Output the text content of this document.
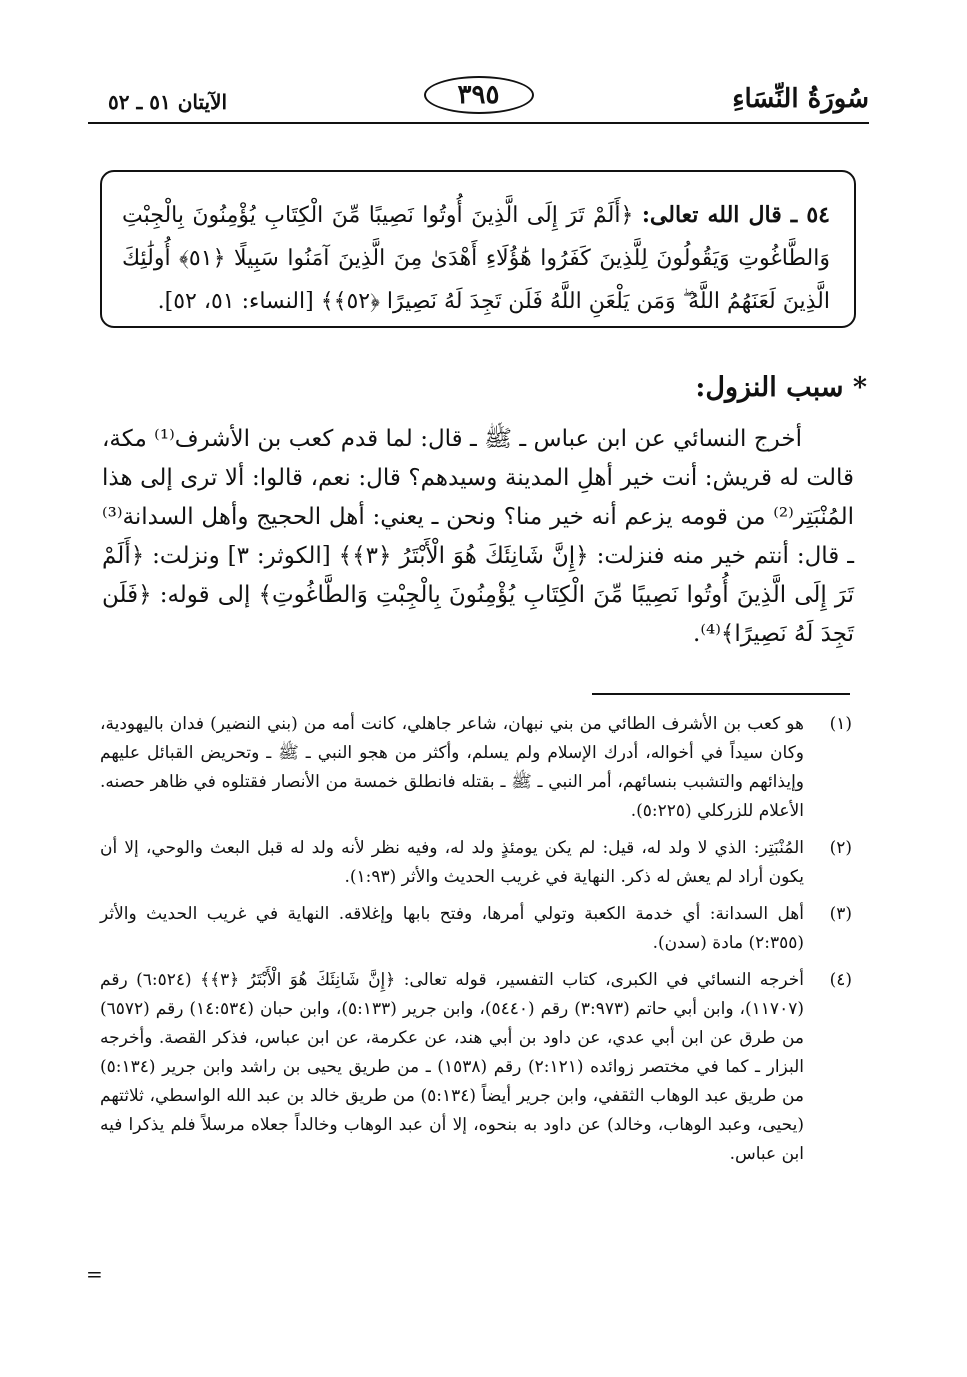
سُورَةُ النِّسَاءِ
٣٩٥
الآيتان ٥١ ـ ٥٢
٥٤ ـ قال الله تعالى: ﴿أَلَمْ تَرَ إِلَى الَّذِينَ أُوتُوا نَصِيبًا مِّنَ الْكِتَابِ يُؤْمِنُونَ بِالْجِبْتِ وَالطَّاغُوتِ وَيَقُولُونَ لِلَّذِينَ كَفَرُوا هَٰؤُلَاءِ أَهْدَىٰ مِنَ الَّذِينَ آمَنُوا سَبِيلًا ﴿٥١﴾ أُولَٰئِكَ الَّذِينَ لَعَنَهُمُ اللَّهُ ۖ وَمَن يَلْعَنِ اللَّهُ فَلَن تَجِدَ لَهُ نَصِيرًا ﴿٥٢﴾﴾ [النساء: ٥١، ٥٢].
* سبب النزول:

أخرج النسائي عن ابن عباس ـ ﷺ ـ قال: لما قدم كعب بن الأشرف⁽¹⁾ مكة، قالت له قريش: أنت خير أهلِ المدينة وسيدهم؟ قال: نعم، قالوا: ألا ترى إلى هذا المُنْبَتِر⁽²⁾ من قومه يزعم أنه خير منا؟ ونحن ـ يعني: أهل الحجيج وأهل السدانة⁽³⁾ ـ قال: أنتم خير منه فنزلت: ﴿إِنَّ شَانِئَكَ هُوَ الْأَبْتَرُ ﴿٣﴾﴾ [الكوثر: ٣] ونزلت: ﴿أَلَمْ تَرَ إِلَى الَّذِينَ أُوتُوا نَصِيبًا مِّنَ الْكِتَابِ يُؤْمِنُونَ بِالْجِبْتِ وَالطَّاغُوتِ﴾ إلى قوله: ﴿فَلَن تَجِدَ لَهُ نَصِيرًا﴾⁽⁴⁾.

(١)
هو كعب بن الأشرف الطائي من بني نبهان، شاعر جاهلي، كانت أمه من (بني النضير) فدان باليهودية، وكان سيداً في أخواله، أدرك الإسلام ولم يسلم، وأكثر من هجو النبي ـ ﷺ ـ وتحريض القبائل عليهم وإيذائهم والتشبب بنسائهم، أمر النبي ـ ﷺ ـ بقتله فانطلق خمسة من الأنصار فقتلوه في ظاهر حصنه. الأعلام للزركلي (٥:٢٢٥).
(٢)
المُنْبَتِر: الذي لا ولد له، قيل: لم يكن يومئذٍ ولد له، وفيه نظر لأنه ولد له قبل البعث والوحي، إلا أن يكون أراد لم يعش له ذكر. النهاية في غريب الحديث والأثر (١:٩٣).
(٣)
أهل السدانة: أي خدمة الكعبة وتولي أمرها، وفتح بابها وإغلاقه. النهاية في غريب الحديث والأثر (٢:٣٥٥) مادة (سدن).
(٤)
أخرجه النسائي في الكبرى، كتاب التفسير، قوله تعالى: ﴿إِنَّ شَانِئَكَ هُوَ الْأَبْتَرُ ﴿٣﴾﴾ (٦:٥٢٤) رقم (١١٧٠٧)، وابن أبي حاتم (٣:٩٧٣) رقم (٥٤٤٠)، وابن جرير (٥:١٣٣)، وابن حبان (١٤:٥٣٤) رقم (٦٥٧٢) من طرق عن ابن أبي عدي، عن داود بن أبي هند، عن عكرمة، عن ابن عباس، فذكر القصة. وأخرجه البزار ـ كما في مختصر زوائده (٢:١٢١) رقم (١٥٣٨) ـ من طريق يحيى بن راشد وابن جرير (٥:١٣٤) من طريق عبد الوهاب الثقفي، وابن جرير أيضاً (٥:١٣٤) من طريق خالد بن عبد الله الواسطي، ثلاثتهم (يحيى، وعبد الوهاب، وخالد) عن داود به بنحوه، إلا أن عبد الوهاب وخالداً جعلاه مرسلاً فلم يذكرا فيه ابن عباس.
=
